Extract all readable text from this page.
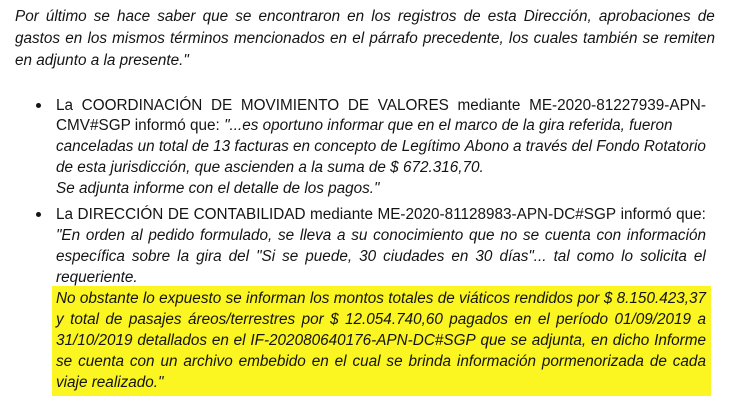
Por último se hace saber que se encontraron en los registros de esta Dirección, aprobaciones de
gastos en los mismos términos mencionados en el párrafo precedente, los cuales también se remiten
en adjunto a la presente."
La COORDINACIÓN DE MOVIMIENTO DE VALORES mediante ME-2020-81227939-APN-
CMV#SGP informó que: "...es oportuno informar que en el marco de la gira referida, fueron
canceladas un total de 13 facturas en concepto de Legítimo Abono a través del Fondo Rotatorio
de esta jurisdicción, que ascienden a la suma de $ 672.316,70.
Se adjunta informe con el detalle de los pagos."
La DIRECCIÓN DE CONTABILIDAD mediante ME-2020-81128983-APN-DC#SGP informó que:
"En orden al pedido formulado, se lleva a su conocimiento que no se cuenta con información
específica sobre la gira del "Si se puede, 30 ciudades en 30 días"... tal como lo solicita el
requeriente.
No obstante lo expuesto se informan los montos totales de viáticos rendidos por $ 8.150.423,37
y total de pasajes áreos/terrestres por $ 12.054.740,60 pagados en el período 01/09/2019 a
31/10/2019 detallados en el IF-202080640176-APN-DC#SGP que se adjunta, en dicho Informe
se cuenta con un archivo embebido en el cual se brinda información pormenorizada de cada
viaje realizado."
